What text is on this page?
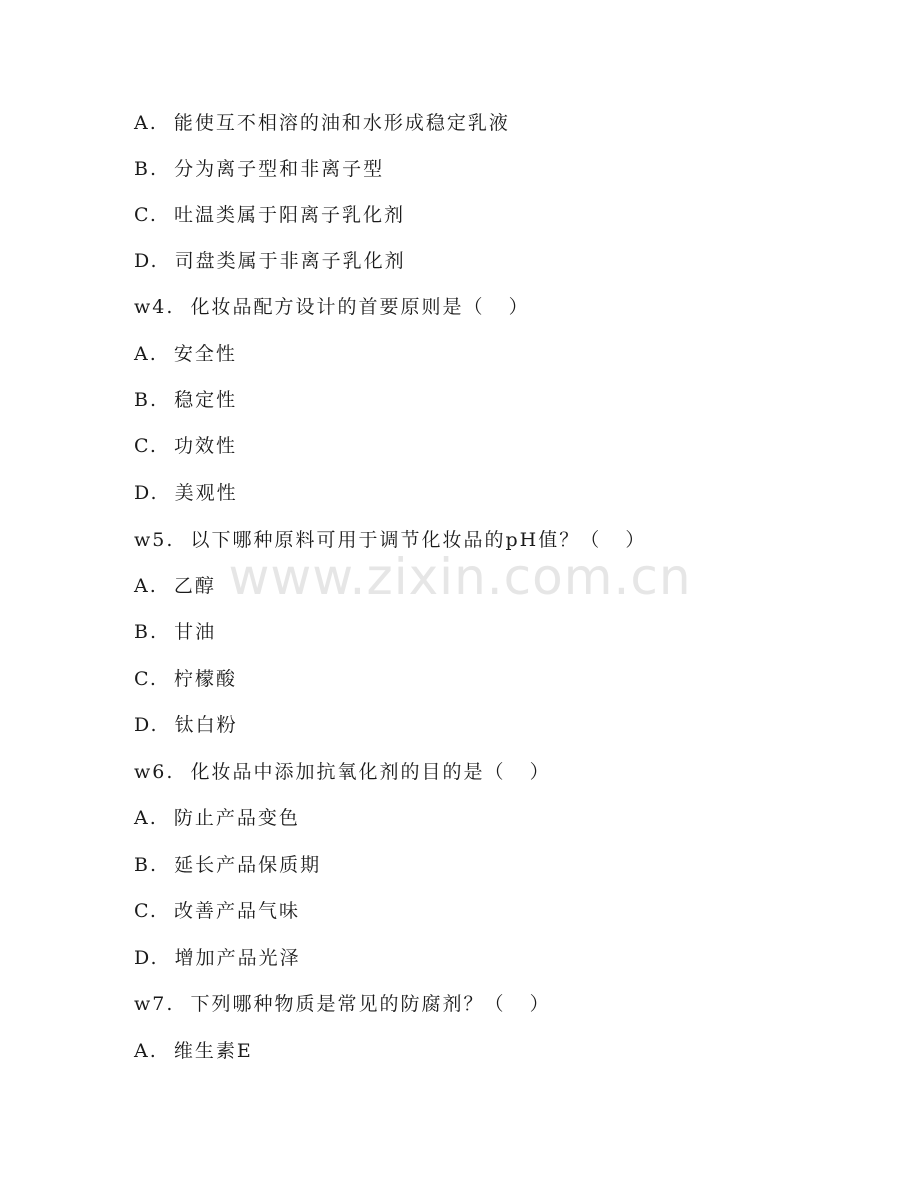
A.  能使互不相溶的油和水形成稳定乳液
B.  分为离子型和非离子型
C.  吐温类属于阳离子乳化剂
D.  司盘类属于非离子乳化剂
w4.  化妆品配方设计的首要原则是（   ）
A.  安全性
B.  稳定性
C.  功效性
D.  美观性
w5.  以下哪种原料可用于调节化妆品的pH值？（   ）
A.  乙醇
B.  甘油
C.  柠檬酸
D.  钛白粉
w6.  化妆品中添加抗氧化剂的目的是（   ）
A.  防止产品变色
B.  延长产品保质期
C.  改善产品气味
D.  增加产品光泽
w7.  下列哪种物质是常见的防腐剂？（   ）
A.  维生素E
www.zixin.com.cn
